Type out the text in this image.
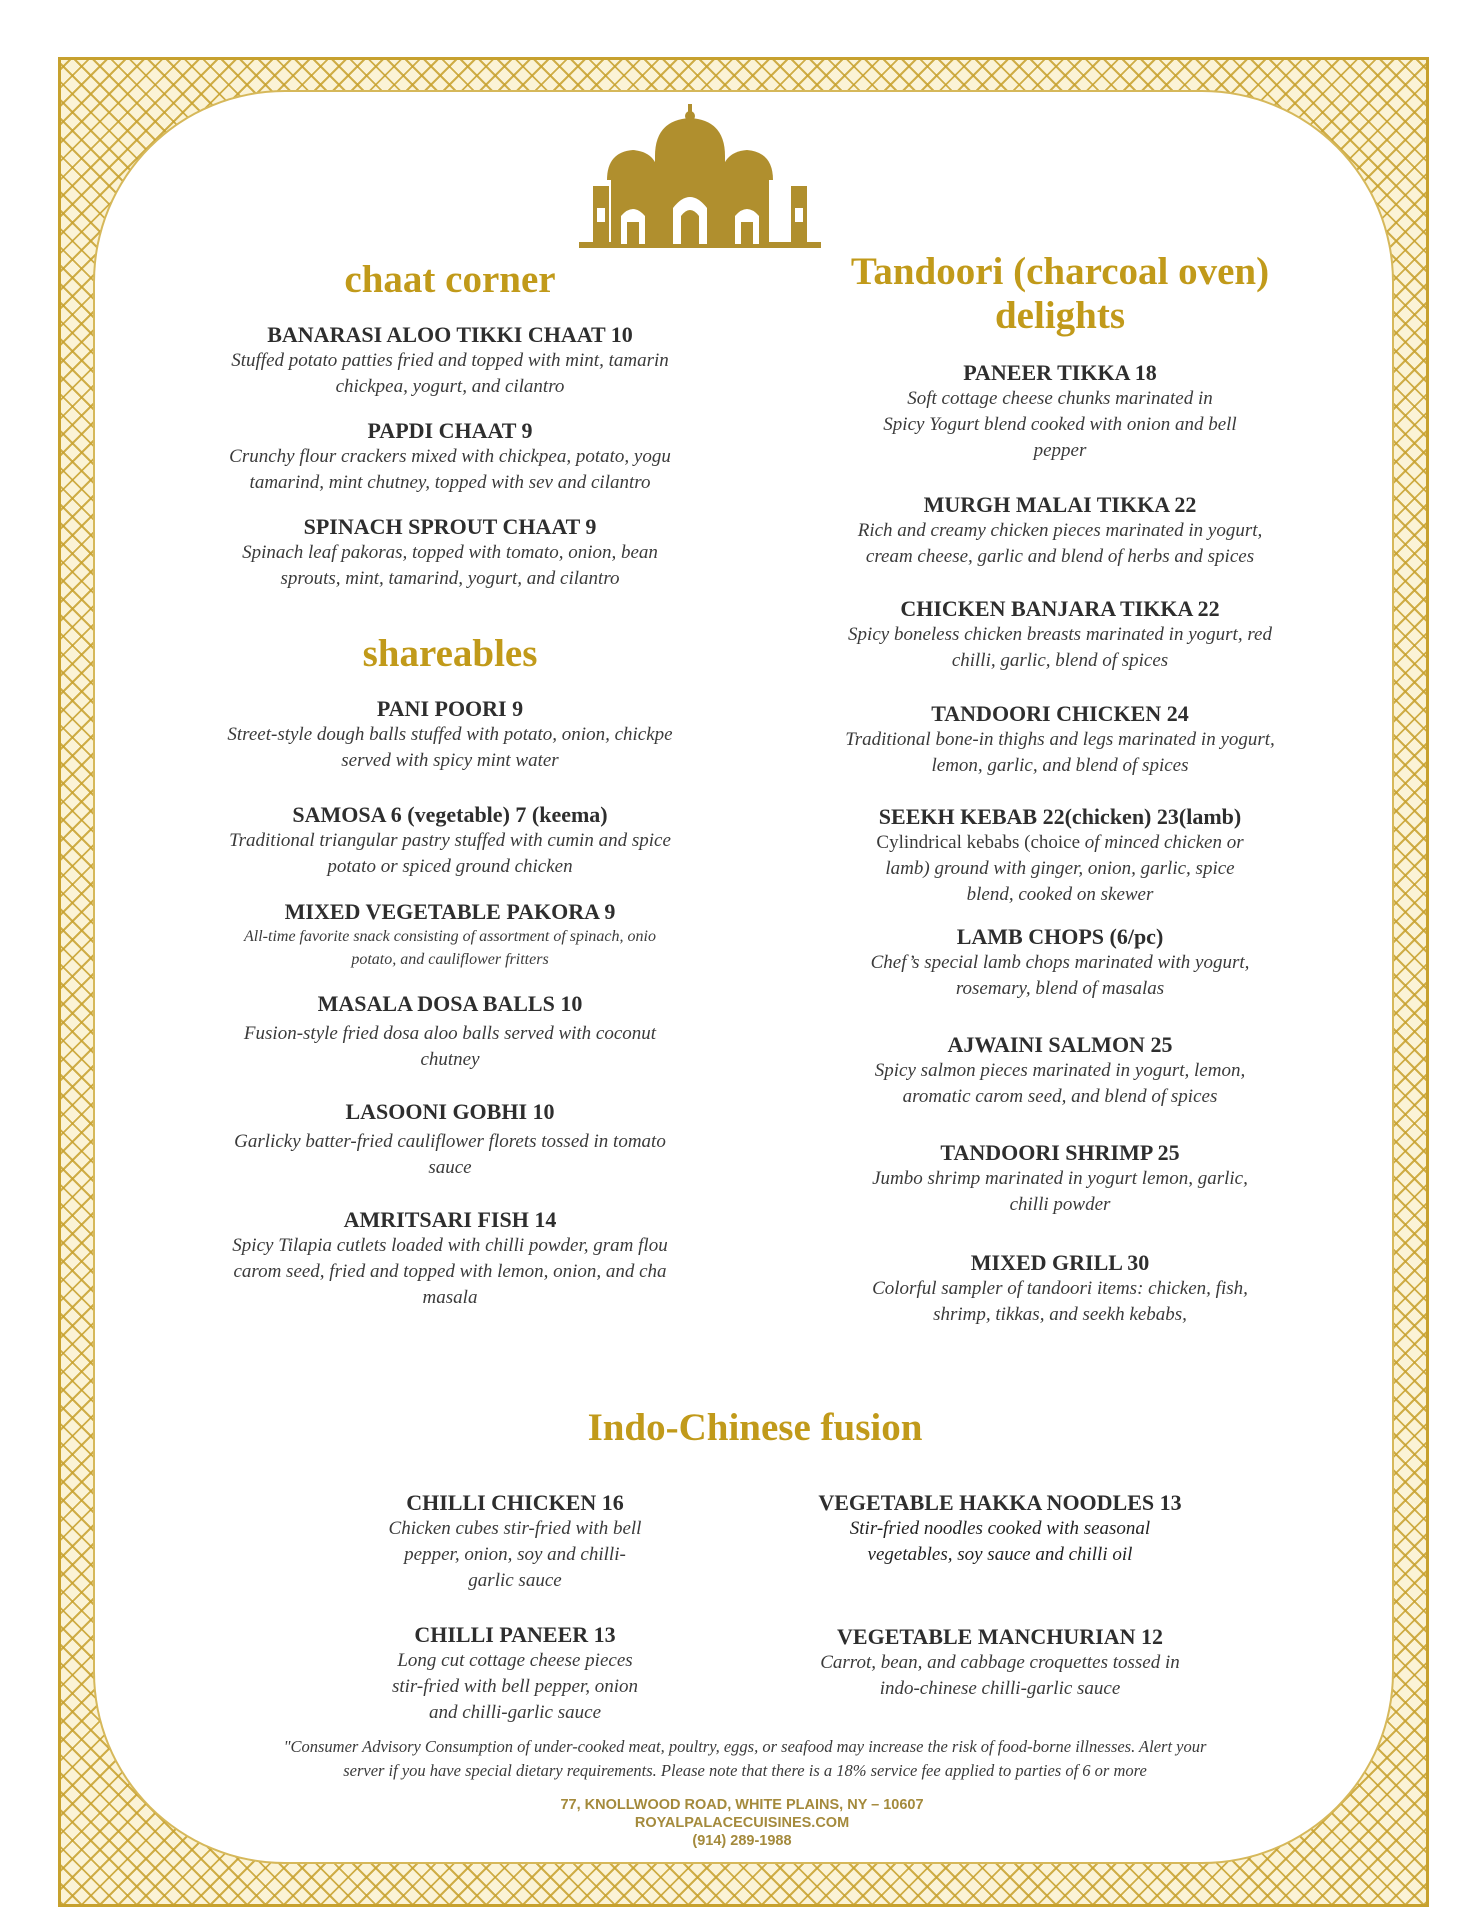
chaat corner
BANARASI ALOO TIKKI CHAAT 10
Stuffed potato patties fried and topped with mint, tamarin
chickpea, yogurt, and cilantro
PAPDI CHAAT 9
Crunchy flour crackers mixed with chickpea, potato, yogu
tamarind, mint chutney, topped with sev and cilantro
SPINACH SPROUT CHAAT 9
Spinach leaf pakoras, topped with tomato, onion, bean
sprouts, mint, tamarind, yogurt, and cilantro
shareables
PANI POORI 9
Street-style dough balls stuffed with potato, onion, chickpe
served with spicy mint water
SAMOSA 6 (vegetable) 7 (keema)
Traditional triangular pastry stuffed with cumin and spice
potato or spiced ground chicken
MIXED VEGETABLE PAKORA 9
All-time favorite snack consisting of assortment of spinach, onio
potato, and cauliflower fritters
MASALA DOSA BALLS 10
Fusion-style fried dosa aloo balls served with coconut
chutney
LASOONI GOBHI 10
Garlicky batter-fried cauliflower florets tossed in tomato
sauce
AMRITSARI FISH 14
Spicy Tilapia cutlets loaded with chilli powder, gram flou
carom seed, fried and topped with lemon, onion, and cha
masala
Tandoori (charcoal oven)
delights
PANEER TIKKA 18
Soft cottage cheese chunks marinated in
Spicy Yogurt blend cooked with onion and bell
pepper
MURGH MALAI TIKKA 22
Rich and creamy chicken pieces marinated in yogurt,
cream cheese, garlic and blend of herbs and spices
CHICKEN BANJARA TIKKA 22
Spicy boneless chicken breasts marinated in yogurt, red
chilli, garlic, blend of spices
TANDOORI CHICKEN 24
Traditional bone-in thighs and legs marinated in yogurt,
lemon, garlic, and blend of spices
SEEKH KEBAB 22(chicken) 23(lamb)
Cylindrical kebabs (choice of minced chicken or
lamb) ground with ginger, onion, garlic, spice
blend, cooked on skewer
LAMB CHOPS (6/pc)
Chef’s special lamb chops marinated with yogurt,
rosemary, blend of masalas
AJWAINI SALMON 25
Spicy salmon pieces marinated in yogurt, lemon,
aromatic carom seed, and blend of spices
TANDOORI SHRIMP 25
Jumbo shrimp marinated in yogurt lemon, garlic,
chilli powder
MIXED GRILL 30
Colorful sampler of tandoori items: chicken, fish,
shrimp, tikkas, and seekh kebabs,
Indo-Chinese fusion
CHILLI CHICKEN 16
Chicken cubes stir-fried with bell
pepper, onion, soy and chilli-
garlic sauce
CHILLI PANEER 13
Long cut cottage cheese pieces
stir-fried with bell pepper, onion
and chilli-garlic sauce
VEGETABLE HAKKA NOODLES 13
Stir-fried noodles cooked with seasonal
vegetables, soy sauce and chilli oil
VEGETABLE MANCHURIAN 12
Carrot, bean, and cabbage croquettes tossed in
indo-chinese chilli-garlic sauce
"Consumer Advisory Consumption of under-cooked meat, poultry, eggs, or seafood may increase the risk of food-borne illnesses. Alert your
server if you have special dietary requirements. Please note that there is a 18% service fee applied to parties of 6 or more
77, KNOLLWOOD ROAD, WHITE PLAINS, NY – 10607
ROYALPALACECUISINES.COM
(914) 289-1988
